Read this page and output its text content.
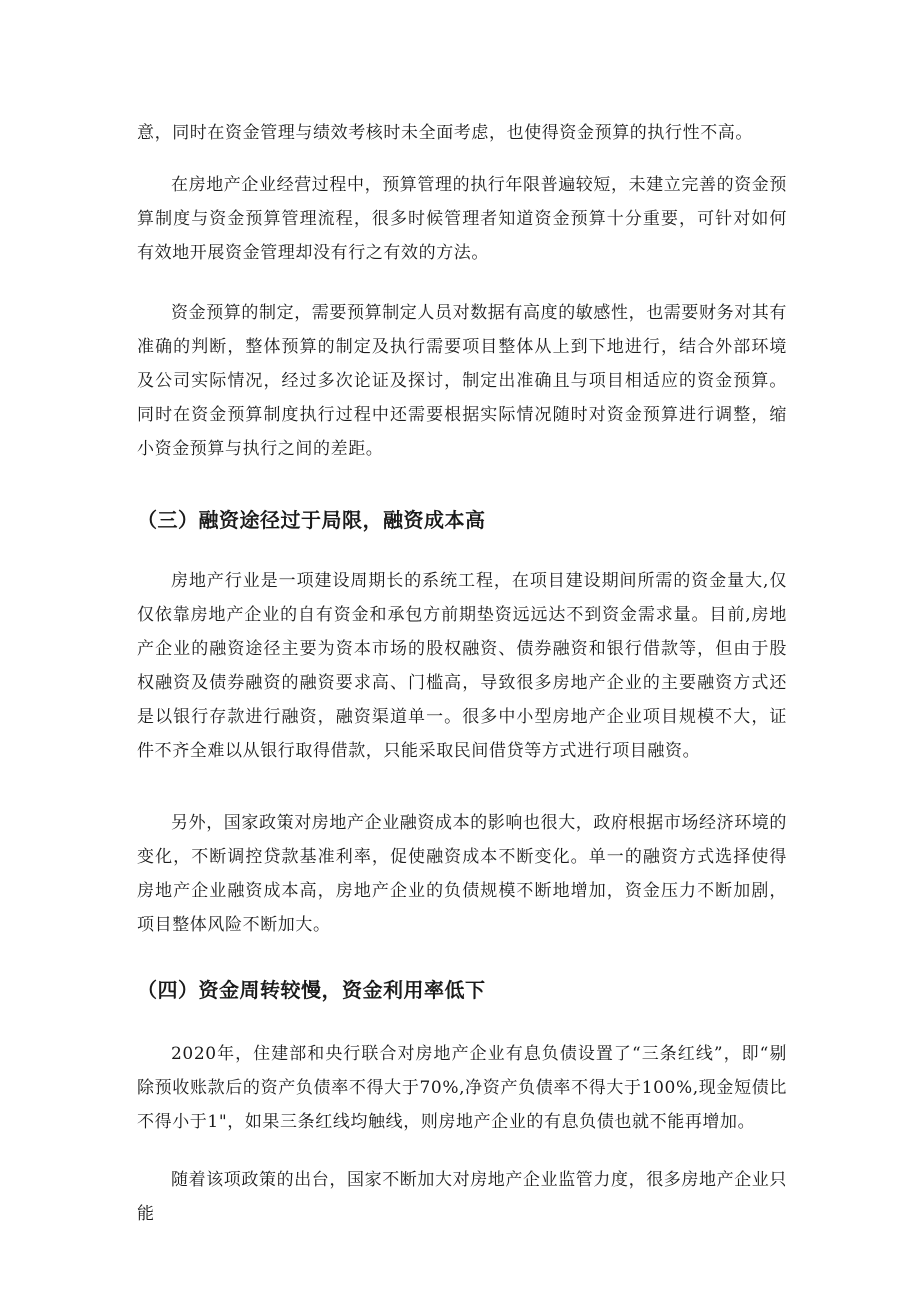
意，同时在资金管理与绩效考核时未全面考虑，也使得资金预算的执行性不高。

在房地产企业经营过程中，预算管理的执行年限普遍较短，未建立完善的资金预算制度与资金预算管理流程，很多时候管理者知道资金预算十分重要，可针对如何有效地开展资金管理却没有行之有效的方法。

资金预算的制定，需要预算制定人员对数据有高度的敏感性，也需要财务对其有准确的判断，整体预算的制定及执行需要项目整体从上到下地进行，结合外部环境及公司实际情况，经过多次论证及探讨，制定出准确且与项目相适应的资金预算。同时在资金预算制度执行过程中还需要根据实际情况随时对资金预算进行调整，缩小资金预算与执行之间的差距。

（三）融资途径过于局限，融资成本高

房地产行业是一项建设周期长的系统工程，在项目建设期间所需的资金量大,仅仅依靠房地产企业的自有资金和承包方前期垫资远远达不到资金需求量。目前,房地产企业的融资途径主要为资本市场的股权融资、债券融资和银行借款等，但由于股权融资及债券融资的融资要求高、门槛高，导致很多房地产企业的主要融资方式还是以银行存款进行融资，融资渠道单一。很多中小型房地产企业项目规模不大，证件不齐全难以从银行取得借款，只能采取民间借贷等方式进行项目融资。

另外，国家政策对房地产企业融资成本的影响也很大，政府根据市场经济环境的变化，不断调控贷款基准利率，促使融资成本不断变化。单一的融资方式选择使得房地产企业融资成本高，房地产企业的负债规模不断地增加，资金压力不断加剧，项目整体风险不断加大。

（四）资金周转较慢，资金利用率低下

2020年，住建部和央行联合对房地产企业有息负债设置了“三条红线”，即“剔除预收账款后的资产负债率不得大于70%,净资产负债率不得大于100%,现金短债比不得小于1"，如果三条红线均触线，则房地产企业的有息负债也就不能再增加。

随着该项政策的出台，国家不断加大对房地产企业监管力度，很多房地产企业只能
